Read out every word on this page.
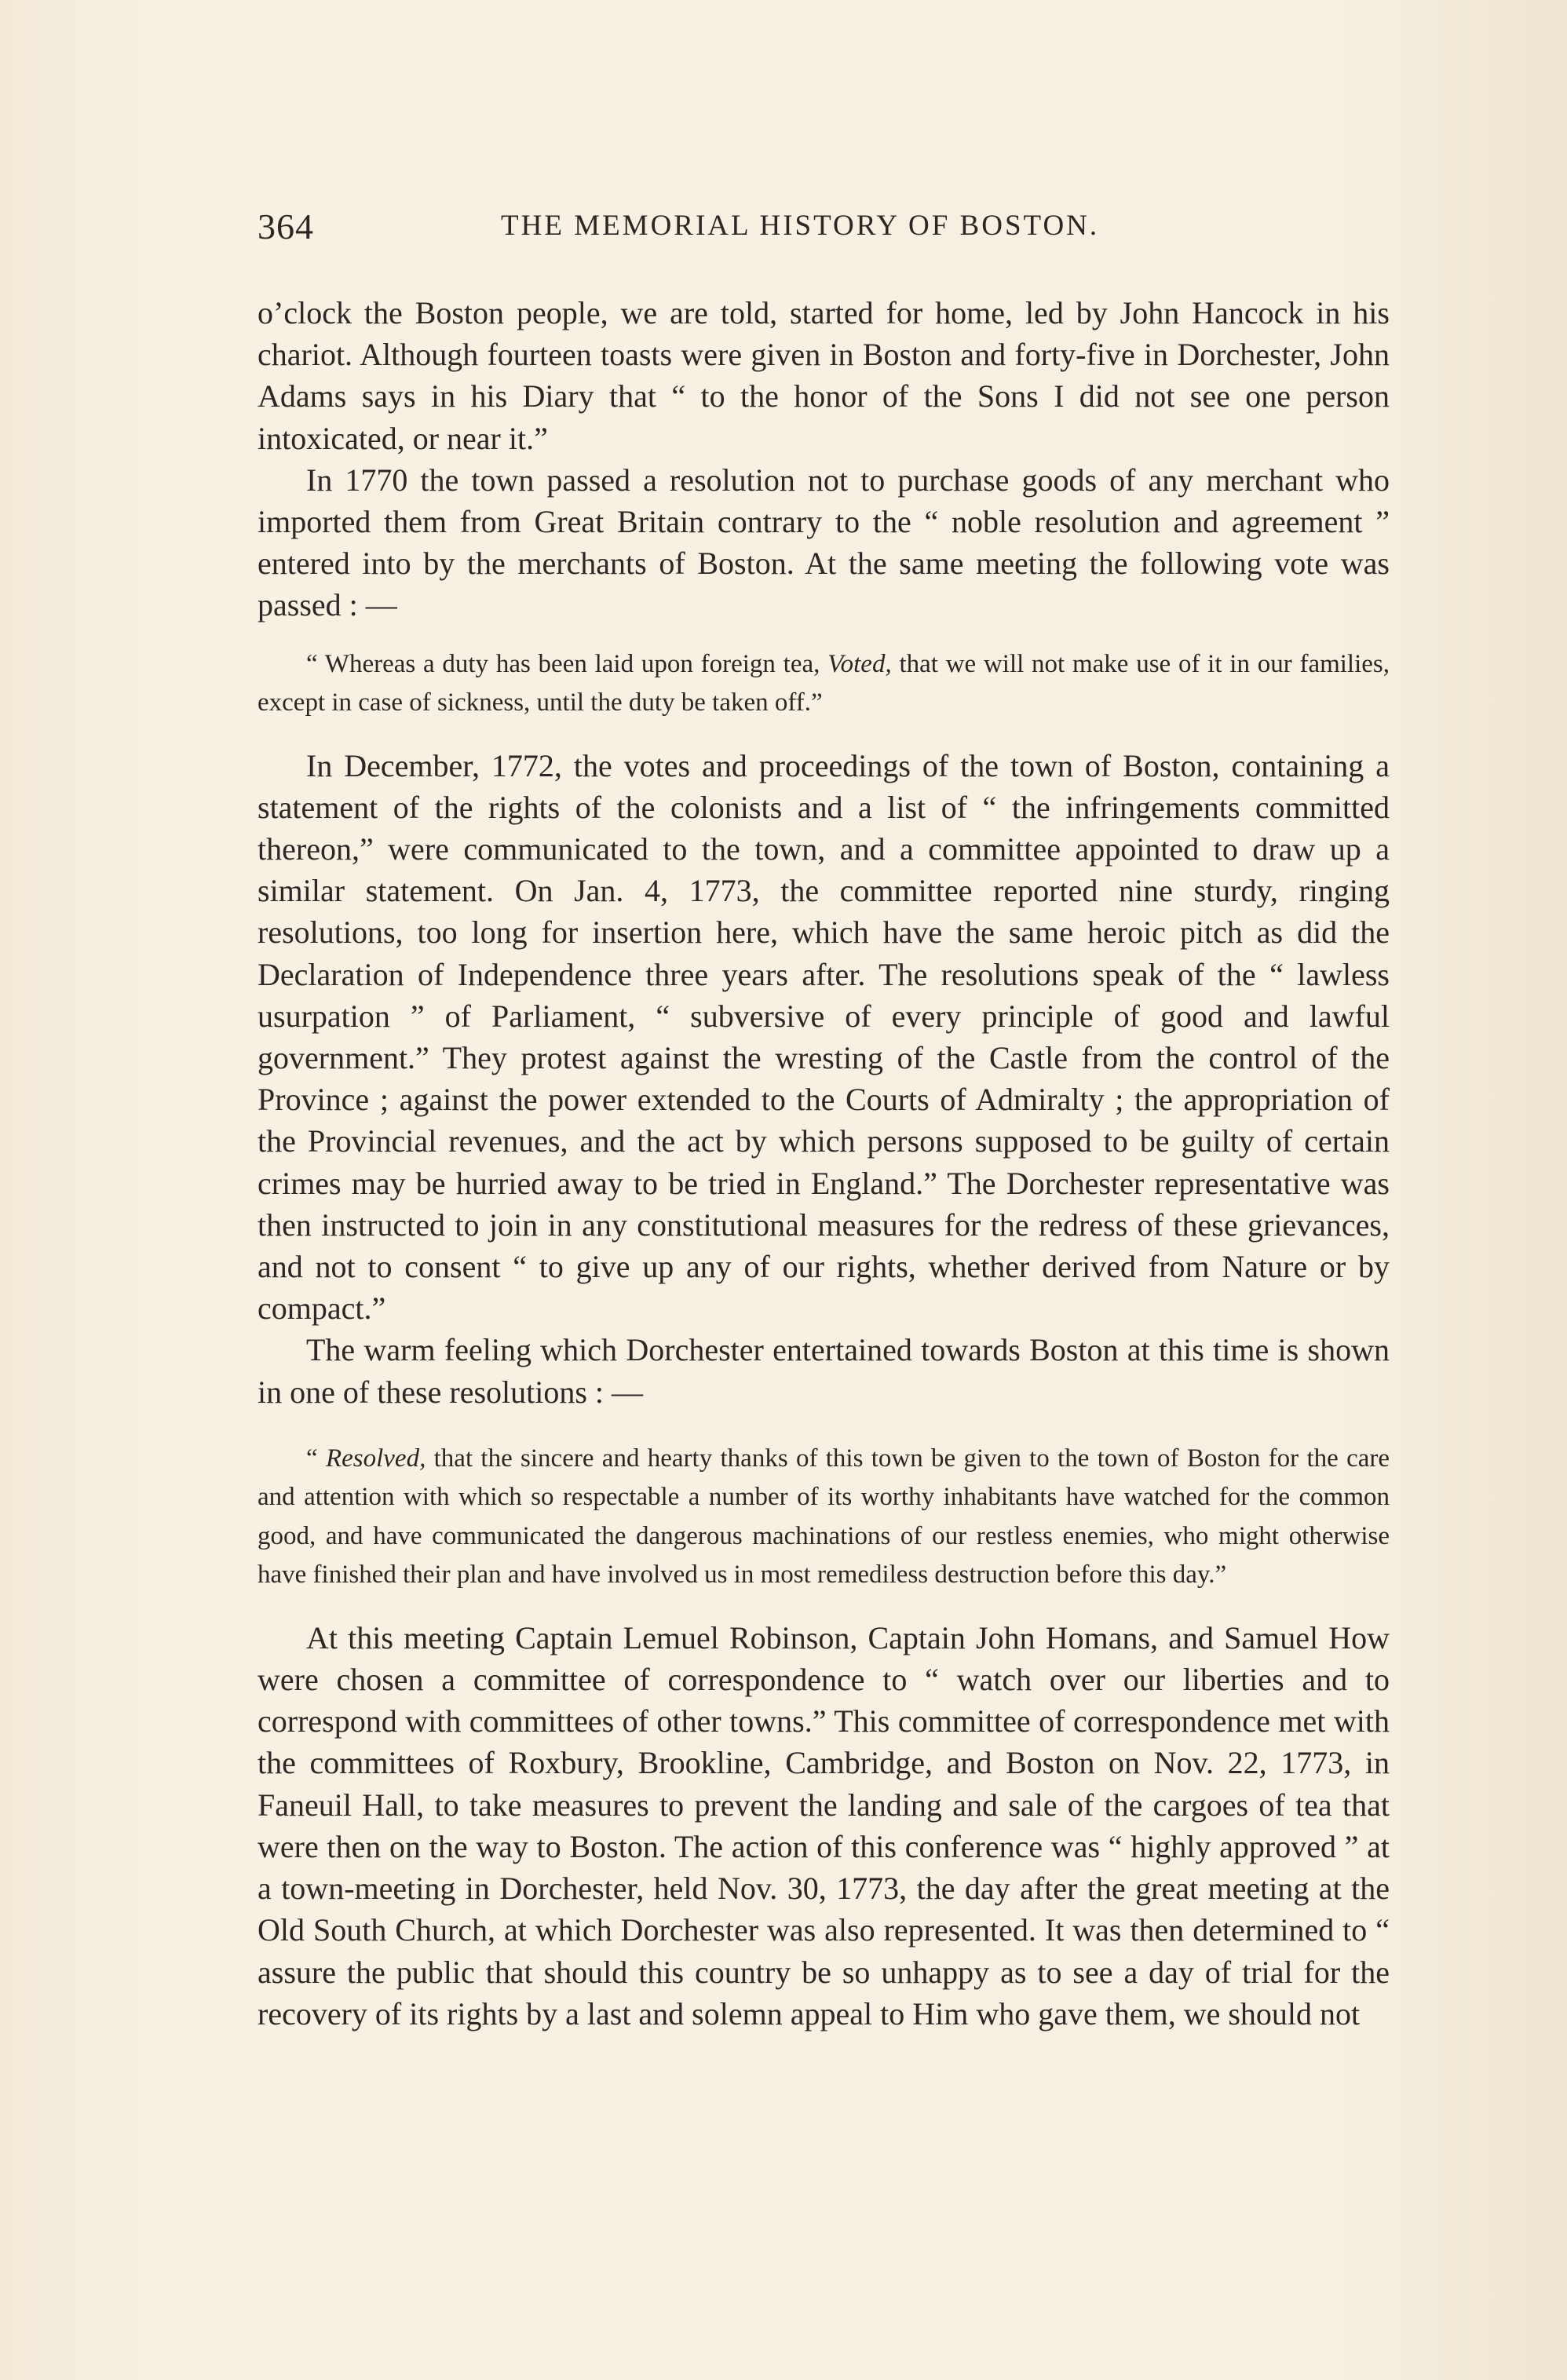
364	THE MEMORIAL HISTORY OF BOSTON.

o’clock the Boston people, we are told, started for home, led by John Hancock in his chariot. Although fourteen toasts were given in Boston and forty-five in Dorchester, John Adams says in his Diary that “ to the honor of the Sons I did not see one person intoxicated, or near it.”

In 1770 the town passed a resolution not to purchase goods of any merchant who imported them from Great Britain contrary to the “ noble resolution and agreement ” entered into by the merchants of Boston. At the same meeting the following vote was passed : —

“ Whereas a duty has been laid upon foreign tea, Voted, that we will not make use of it in our families, except in case of sickness, until the duty be taken off.”

In December, 1772, the votes and proceedings of the town of Boston, containing a statement of the rights of the colonists and a list of “ the infringements committed thereon,” were communicated to the town, and a committee appointed to draw up a similar statement. On Jan. 4, 1773, the committee reported nine sturdy, ringing resolutions, too long for insertion here, which have the same heroic pitch as did the Declaration of Independence three years after. The resolutions speak of the “ lawless usurpation ” of Parliament, “ subversive of every principle of good and lawful government.” They protest against the wresting of the Castle from the control of the Province ; against the power extended to the Courts of Admiralty ; the appropriation of the Provincial revenues, and the act by which persons supposed to be guilty of certain crimes may be hurried away to be tried in England.” The Dorchester representative was then instructed to join in any constitutional measures for the redress of these grievances, and not to consent “ to give up any of our rights, whether derived from Nature or by compact.”

The warm feeling which Dorchester entertained towards Boston at this time is shown in one of these resolutions : —

“ Resolved, that the sincere and hearty thanks of this town be given to the town of Boston for the care and attention with which so respectable a number of its worthy inhabitants have watched for the common good, and have communicated the dangerous machinations of our restless enemies, who might otherwise have finished their plan and have involved us in most remediless destruction before this day.”

At this meeting Captain Lemuel Robinson, Captain John Homans, and Samuel How were chosen a committee of correspondence to “ watch over our liberties and to correspond with committees of other towns.” This committee of correspondence met with the committees of Roxbury, Brookline, Cambridge, and Boston on Nov. 22, 1773, in Faneuil Hall, to take measures to prevent the landing and sale of the cargoes of tea that were then on the way to Boston. The action of this conference was “ highly approved ” at a town-meeting in Dorchester, held Nov. 30, 1773, the day after the great meeting at the Old South Church, at which Dorchester was also represented. It was then determined to “ assure the public that should this country be so unhappy as to see a day of trial for the recovery of its rights by a last and solemn appeal to Him who gave them, we should not
